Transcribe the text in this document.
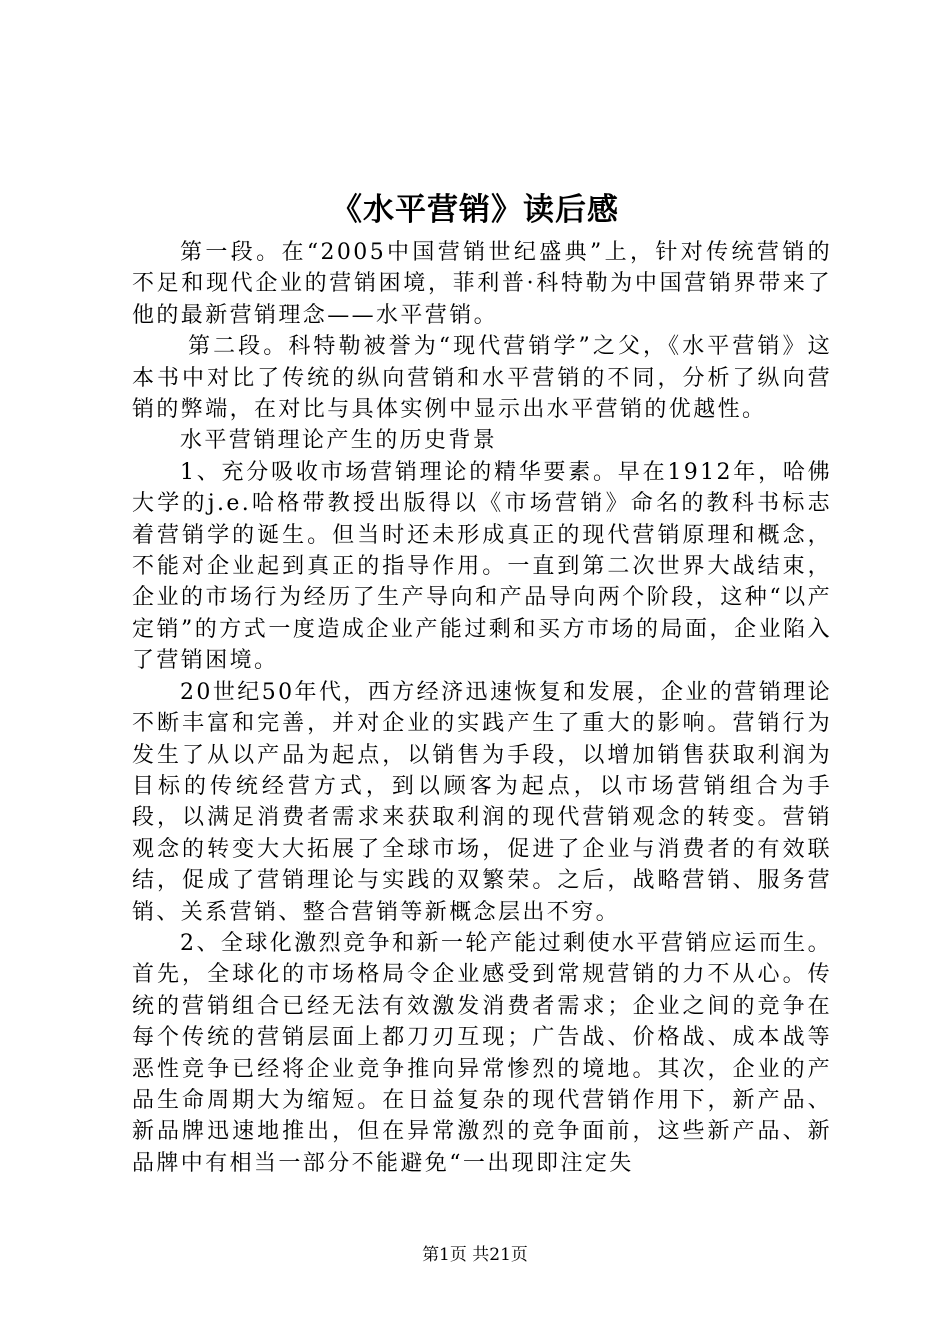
《水平营销》读后感

第一段。在“2005中国营销世纪盛典”上，针对传统营销的不足和现代企业的营销困境，菲利普·科特勒为中国营销界带来了他的最新营销理念——水平营销。

第二段。科特勒被誉为“现代营销学”之父，《水平营销》这本书中对比了传统的纵向营销和水平营销的不同，分析了纵向营销的弊端，在对比与具体实例中显示出水平营销的优越性。

水平营销理论产生的历史背景

1、充分吸收市场营销理论的精华要素。早在1912年，哈佛大学的j.e.哈格带教授出版得以《市场营销》命名的教科书标志着营销学的诞生。但当时还未形成真正的现代营销原理和概念，不能对企业起到真正的指导作用。一直到第二次世界大战结束，企业的市场行为经历了生产导向和产品导向两个阶段，这种“以产定销”的方式一度造成企业产能过剩和买方市场的局面，企业陷入了营销困境。

20世纪50年代，西方经济迅速恢复和发展，企业的营销理论不断丰富和完善，并对企业的实践产生了重大的影响。营销行为发生了从以产品为起点，以销售为手段，以增加销售获取利润为目标的传统经营方式，到以顾客为起点，以市场营销组合为手段，以满足消费者需求来获取利润的现代营销观念的转变。营销观念的转变大大拓展了全球市场，促进了企业与消费者的有效联结，促成了营销理论与实践的双繁荣。之后，战略营销、服务营销、关系营销、整合营销等新概念层出不穷。

2、全球化激烈竞争和新一轮产能过剩使水平营销应运而生。首先，全球化的市场格局令企业感受到常规营销的力不从心。传统的营销组合已经无法有效激发消费者需求；企业之间的竞争在每个传统的营销层面上都刀刃互现；广告战、价格战、成本战等恶性竞争已经将企业竞争推向异常惨烈的境地。其次，企业的产品生命周期大为缩短。在日益复杂的现代营销作用下，新产品、新品牌迅速地推出，但在异常激烈的竞争面前，这些新产品、新品牌中有相当一部分不能避免“一出现即注定失

第1页 共21页
